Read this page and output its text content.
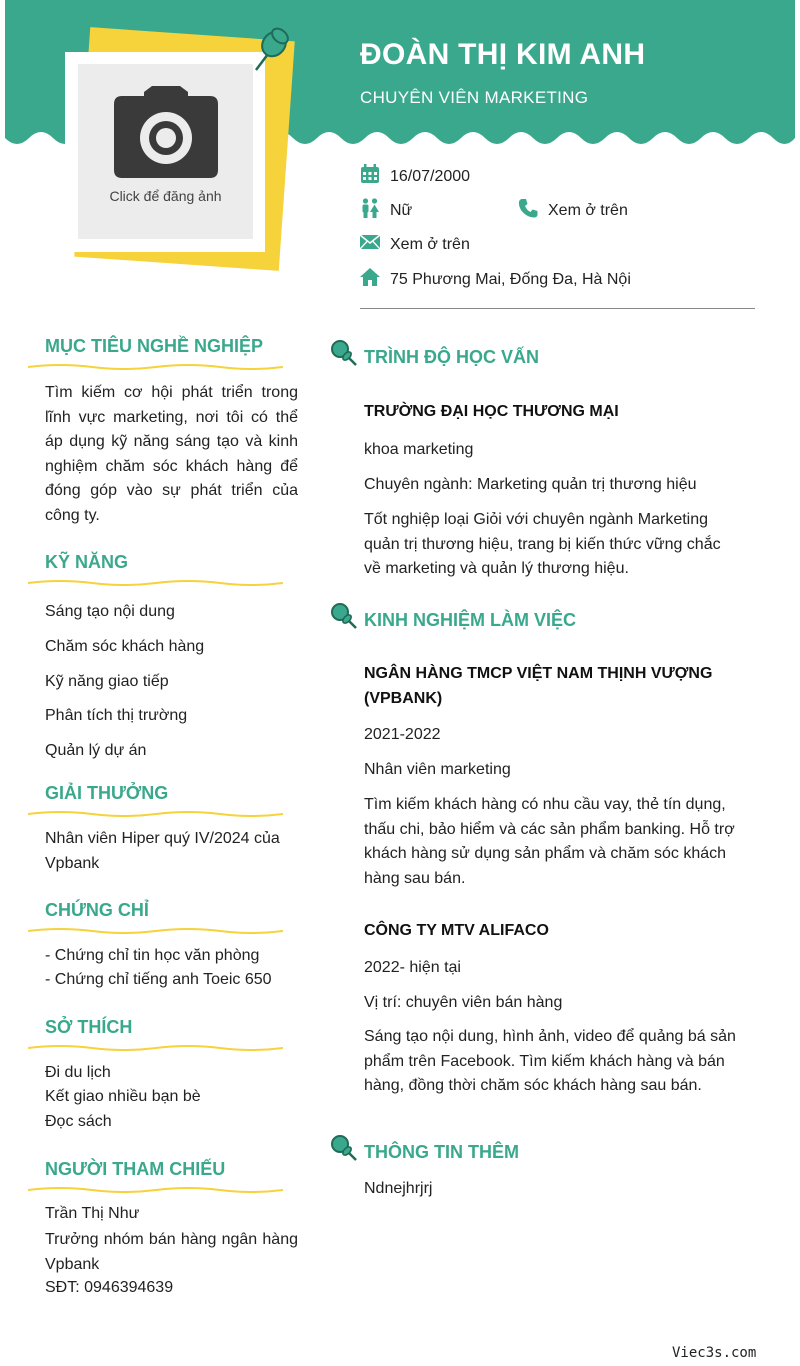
ĐOÀN THỊ KIM ANH
CHUYÊN VIÊN MARKETING
Click để đăng ảnh
16/07/2000
Nữ	Xem ở trên
Xem ở trên
75 Phương Mai, Đống Đa, Hà Nội
MỤC TIÊU NGHỀ NGHIỆP
Tìm kiếm cơ hội phát triển trong lĩnh vực marketing, nơi tôi có thể áp dụng kỹ năng sáng tạo và kinh nghiệm chăm sóc khách hàng để đóng góp vào sự phát triển của công ty.
KỸ NĂNG
Sáng tạo nội dung
Chăm sóc khách hàng
Kỹ năng giao tiếp
Phân tích thị trường
Quản lý dự án
GIẢI THƯỞNG
Nhân viên Hiper quý IV/2024 của Vpbank
CHỨNG CHỈ
- Chứng chỉ tin học văn phòng
- Chứng chỉ tiếng anh Toeic 650
SỞ THÍCH
Đi du lịch
Kết giao nhiều bạn bè
Đọc sách
NGƯỜI THAM CHIẾU
Trần Thị Như
Trưởng nhóm bán hàng ngân hàng Vpbank
SĐT: 0946394639
TRÌNH ĐỘ HỌC VẤN
TRƯỜNG ĐẠI HỌC THƯƠNG MẠI
khoa marketing
Chuyên ngành: Marketing quản trị thương hiệu
Tốt nghiệp loại Giỏi với chuyên ngành Marketing quản trị thương hiệu, trang bị kiến thức vững chắc về marketing và quản lý thương hiệu.
KINH NGHIỆM LÀM VIỆC
NGÂN HÀNG TMCP VIỆT NAM THỊNH VƯỢNG (VPBANK)
2021-2022
Nhân viên marketing
Tìm kiếm khách hàng có nhu cầu vay, thẻ tín dụng, thấu chi, bảo hiểm và các sản phẩm banking. Hỗ trợ khách hàng sử dụng sản phẩm và chăm sóc khách hàng sau bán.
CÔNG TY MTV ALIFACO
2022- hiện tại
Vị trí: chuyên viên bán hàng
Sáng tạo nội dung, hình ảnh, video để quảng bá sản phẩm trên Facebook. Tìm kiếm khách hàng và bán hàng, đồng thời chăm sóc khách hàng sau bán.
THÔNG TIN THÊM
Ndnejhrjrj
Viec3s.com
